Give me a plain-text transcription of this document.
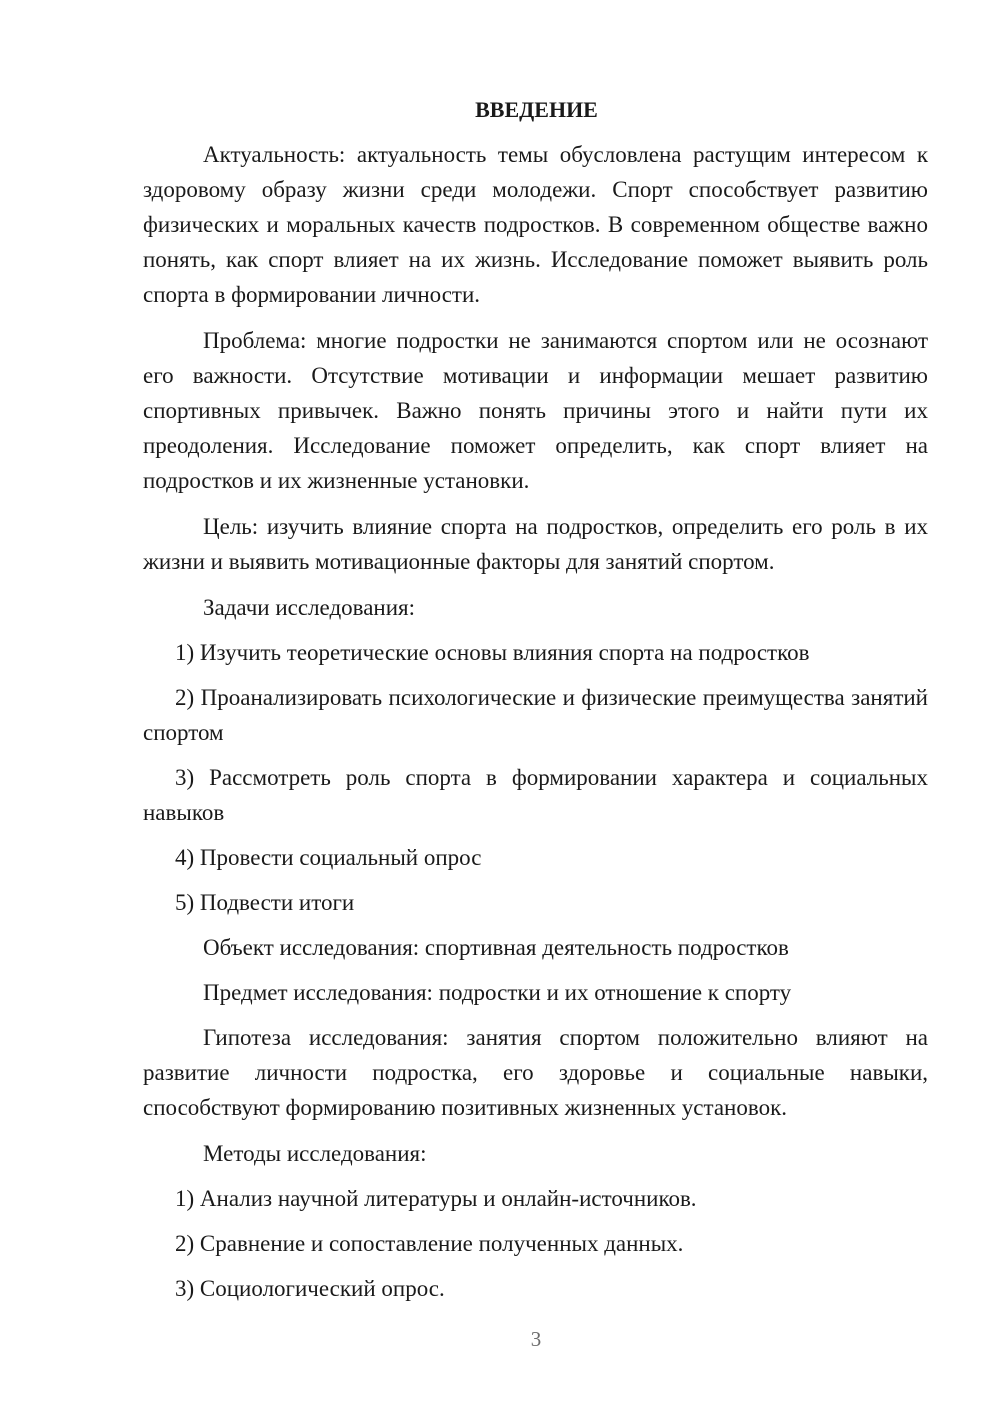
ВВЕДЕНИЕ

Актуальность: актуальность темы обусловлена растущим интересом к здоровому образу жизни среди молодежи. Спорт способствует развитию физических и моральных качеств подростков. В современном обществе важно понять, как спорт влияет на их жизнь. Исследование поможет выявить роль спорта в формировании личности.

Проблема: многие подростки не занимаются спортом или не осознают его важности. Отсутствие мотивации и информации мешает развитию спортивных привычек. Важно понять причины этого и найти пути их преодоления. Исследование поможет определить, как спорт влияет на подростков и их жизненные установки.

Цель: изучить влияние спорта на подростков, определить его роль в их жизни и выявить мотивационные факторы для занятий спортом.

Задачи исследования:

1) Изучить теоретические основы влияния спорта на подростков

2) Проанализировать психологические и физические преимущества занятий спортом

3) Рассмотреть роль спорта в формировании характера и социальных навыков

4) Провести социальный опрос

5) Подвести итоги

Объект исследования: спортивная деятельность подростков

Предмет исследования: подростки и их отношение к спорту

Гипотеза исследования: занятия спортом положительно влияют на развитие личности подростка, его здоровье и социальные навыки, способствуют формированию позитивных жизненных установок.

Методы исследования:

1) Анализ научной литературы и онлайн-источников.

2) Сравнение и сопоставление полученных данных.

3) Социологический опрос.

3
